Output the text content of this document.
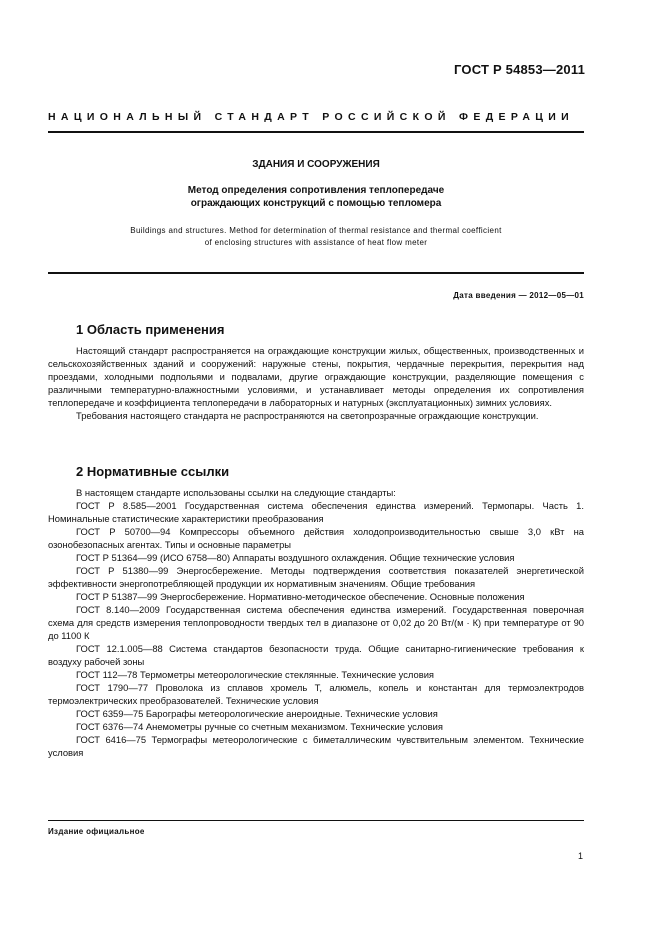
ГОСТ Р 54853—2011
НАЦИОНАЛЬНЫЙ СТАНДАРТ РОССИЙСКОЙ ФЕДЕРАЦИИ
ЗДАНИЯ И СООРУЖЕНИЯ
Метод определения сопротивления теплопередаче
ограждающих конструкций с помощью тепломера
Buildings and structures. Method for determination of thermal resistance and thermal coefficient
of enclosing structures with assistance of heat flow meter
Дата введения — 2012—05—01
1 Область применения

Настоящий стандарт распространяется на ограждающие конструкции жилых, общественных, производственных и сельскохозяйственных зданий и сооружений: наружные стены, покрытия, чердачные перекрытия, перекрытия над проездами, холодными подпольями и подвалами, другие ограждающие конструкции, разделяющие помещения с различными температурно-влажностными условиями, и устанавливает методы определения их сопротивления теплопередаче и коэффициента теплопередачи в лабораторных и натурных (эксплуатационных) зимних условиях.

Требования настоящего стандарта не распространяются на светопрозрачные ограждающие конструкции.

2 Нормативные ссылки

В настоящем стандарте использованы ссылки на следующие стандарты:

ГОСТ Р 8.585—2001 Государственная система обеспечения единства измерений. Термопары. Часть 1. Номинальные статистические характеристики преобразования

ГОСТ Р 50700—94 Компрессоры объемного действия холодопроизводительностью свыше 3,0 кВт на озонобезопасных агентах. Типы и основные параметры

ГОСТ Р 51364—99 (ИСО 6758—80) Аппараты воздушного охлаждения. Общие технические условия

ГОСТ Р 51380—99 Энергосбережение. Методы подтверждения соответствия показателей энергетической эффективности энергопотребляющей продукции их нормативным значениям. Общие требования

ГОСТ Р 51387—99 Энергосбережение. Нормативно-методическое обеспечение. Основные положения

ГОСТ 8.140—2009 Государственная система обеспечения единства измерений. Государственная поверочная схема для средств измерения теплопроводности твердых тел в диапазоне от 0,02 до 20 Вт/(м · К) при температуре от 90 до 1100 К

ГОСТ 12.1.005—88 Система стандартов безопасности труда. Общие санитарно-гигиенические требования к воздуху рабочей зоны

ГОСТ 112—78 Термометры метеорологические стеклянные. Технические условия

ГОСТ 1790—77 Проволока из сплавов хромель Т, алюмель, копель и константан для термоэлектродов термоэлектрических преобразователей. Технические условия

ГОСТ 6359—75 Барографы метеорологические анероидные. Технические условия

ГОСТ 6376—74 Анемометры ручные со счетным механизмом. Технические условия

ГОСТ 6416—75 Термографы метеорологические с биметаллическим чувствительным элементом. Технические условия

Издание официальное
1
